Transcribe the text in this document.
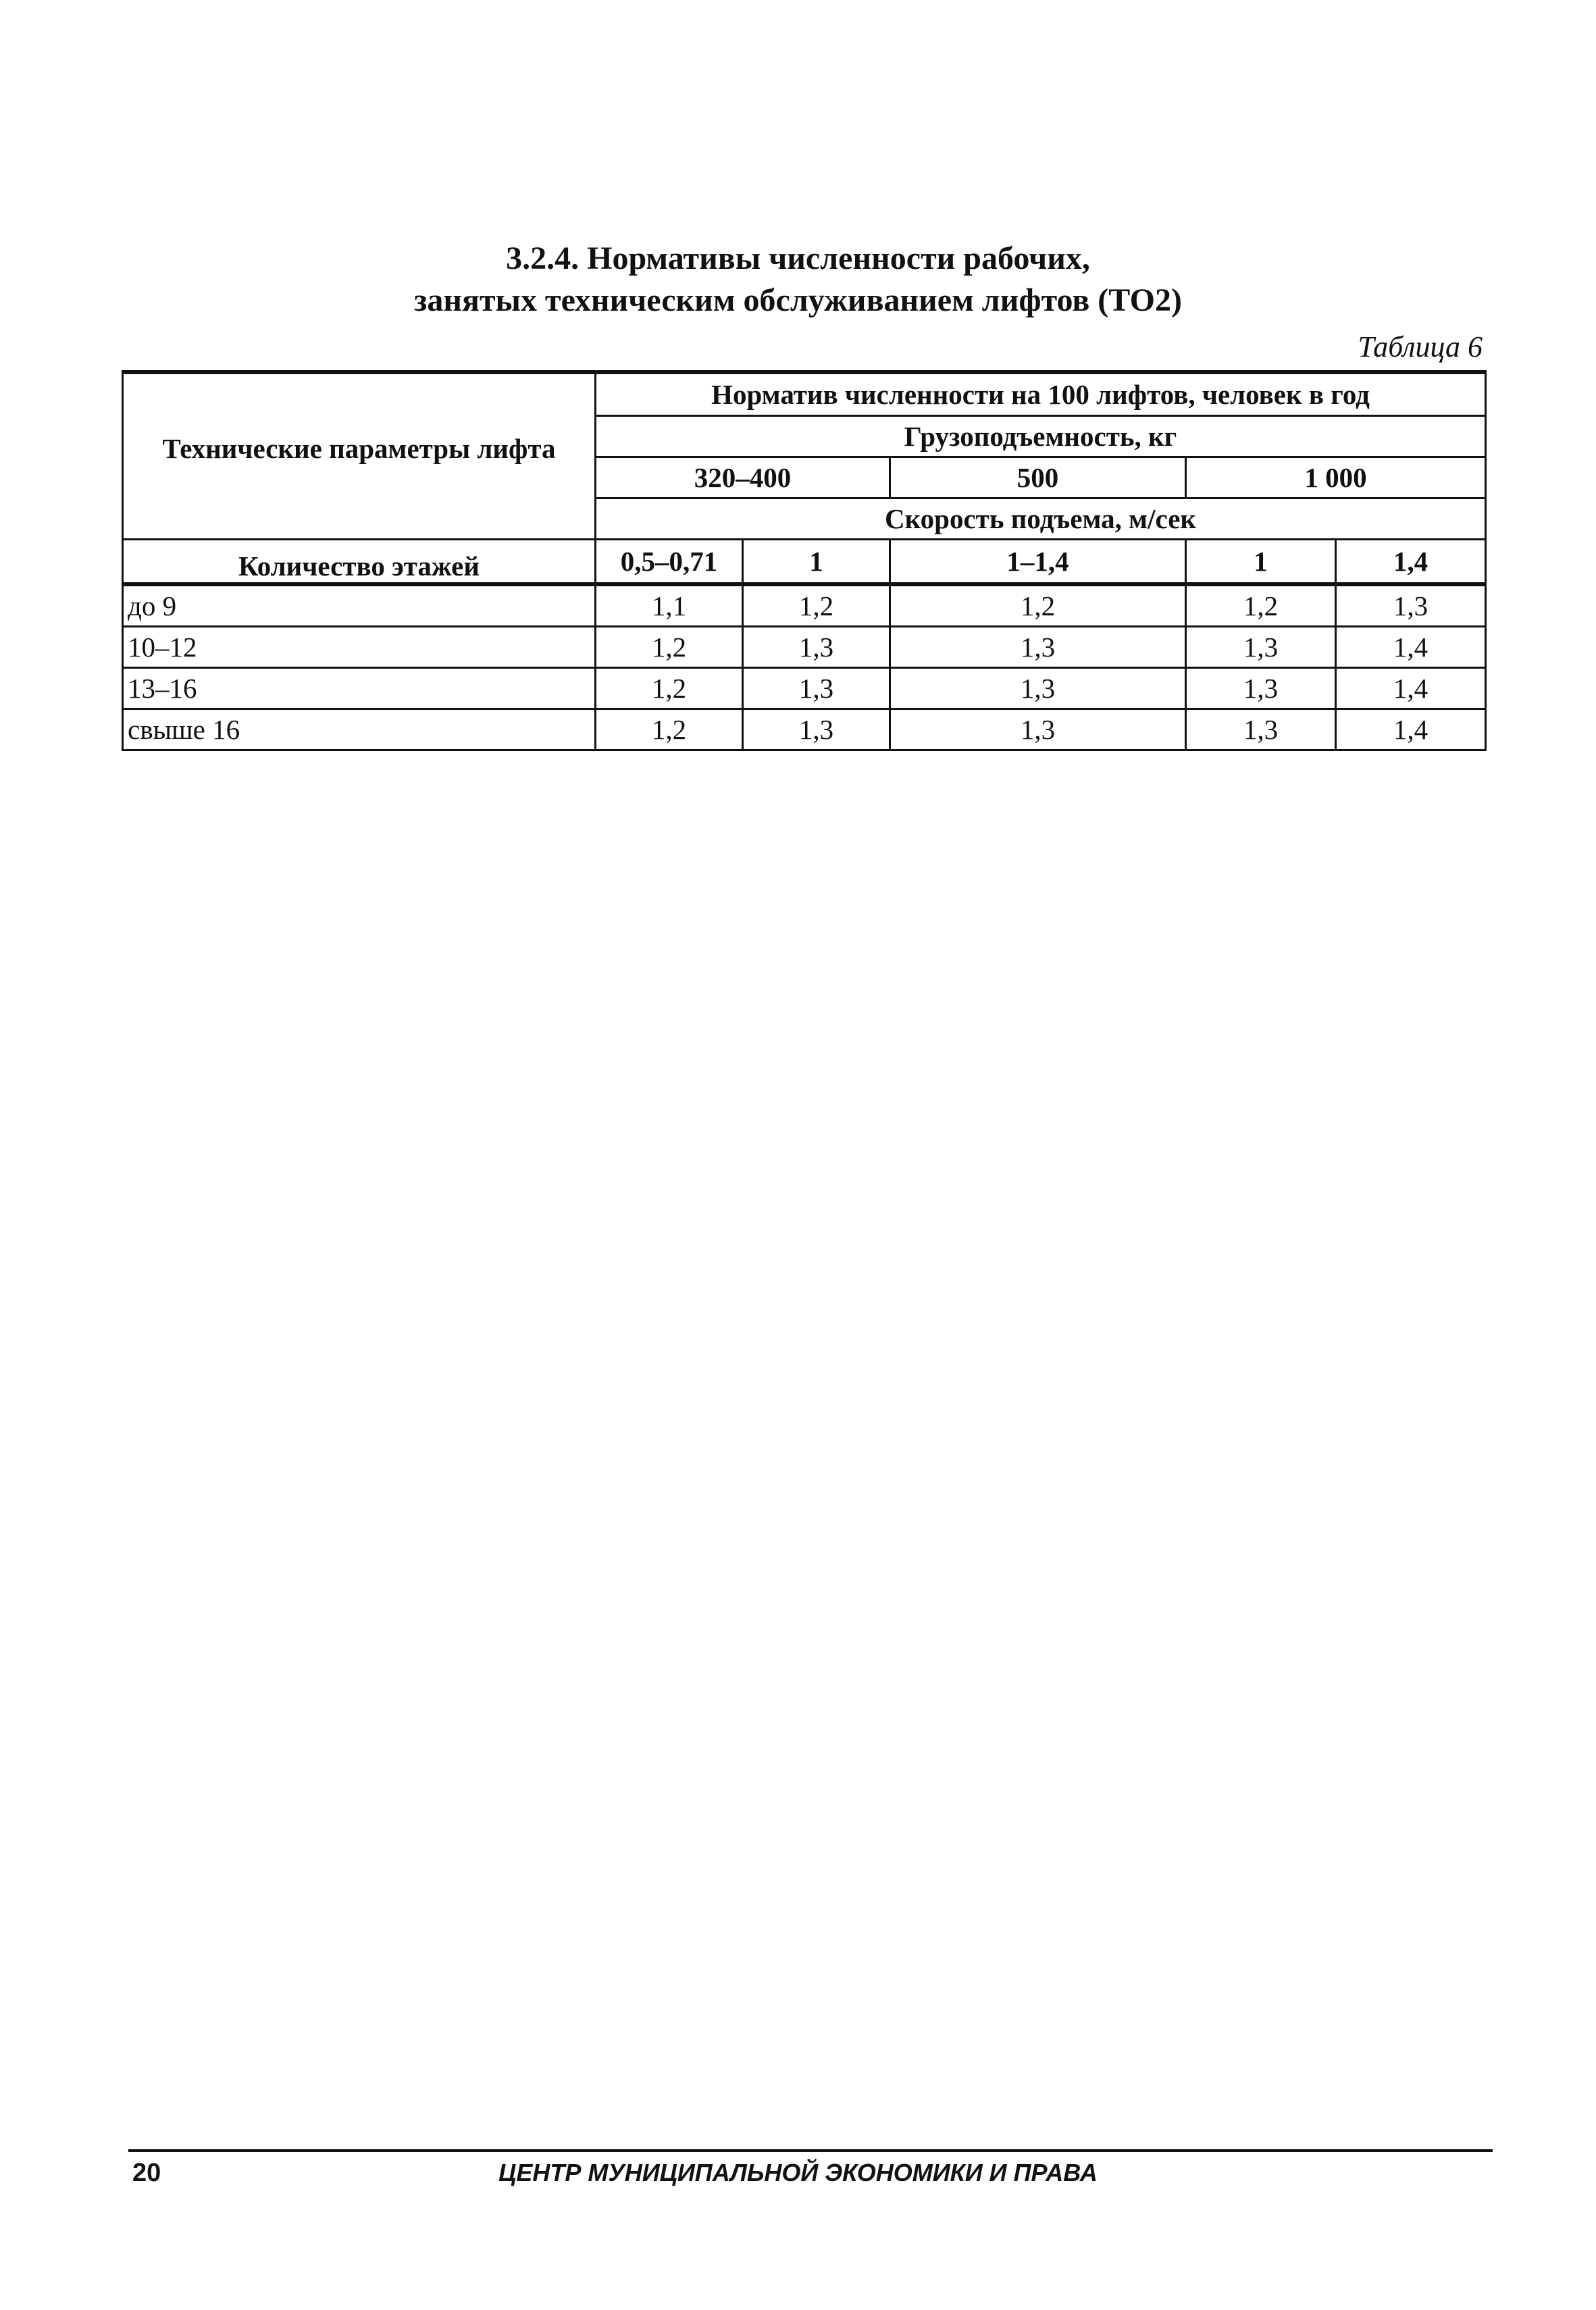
3.2.4. Нормативы численности рабочих,
занятых техническим обслуживанием лифтов (ТО2)
Таблица 6
Технические параметры лифта	Норматив численности на 100 лифтов, человек в год				
	Грузоподъемность, кг				
	320–400		500	1 000	
	Скорость подъема, м/сек				
Количество этажей	0,5–0,71	1	1–1,4	1	1,4
до 9	1,1	1,2	1,2	1,2	1,3
10–12	1,2	1,3	1,3	1,3	1,4
13–16	1,2	1,3	1,3	1,3	1,4
свыше 16	1,2	1,3	1,3	1,3	1,4
20	ЦЕНТР МУНИЦИПАЛЬНОЙ ЭКОНОМИКИ И ПРАВА
